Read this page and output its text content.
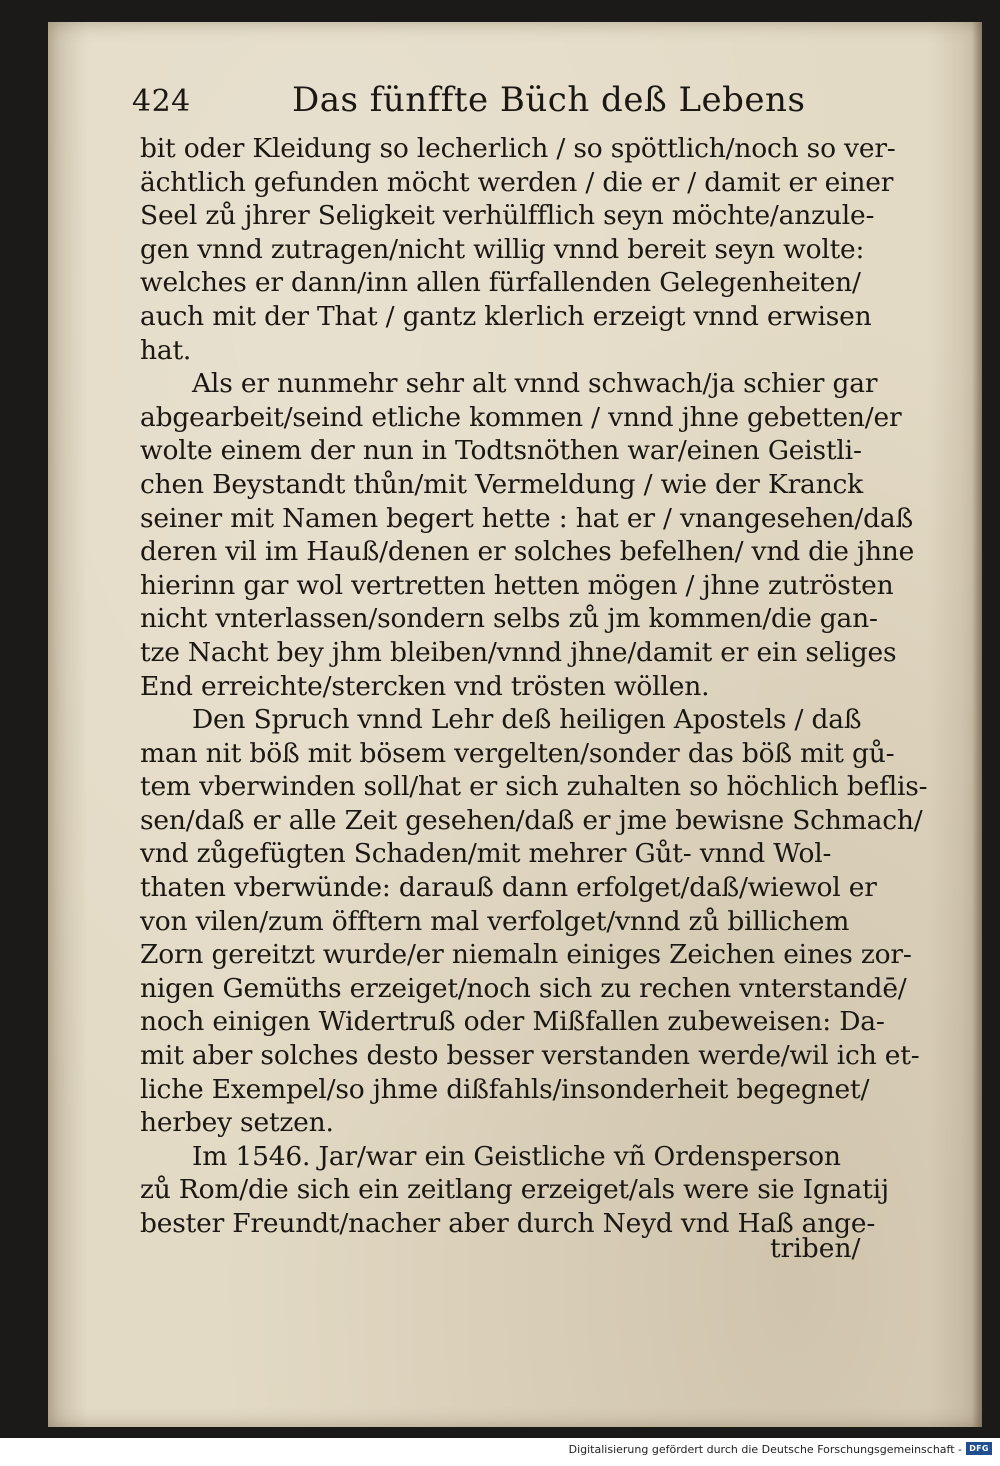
424	Das fünffte Büch deß Lebens
bit oder Kleidung so lecherlich / so spöttlich/noch so ver-
ächtlich gefunden möcht werden / die er / damit er einer
Seel zů jhrer Seligkeit verhülfflich seyn möchte/anzule-
gen vnnd zutragen/nicht willig vnnd bereit seyn wolte:
welches er dann/inn allen fürfallenden Gelegenheiten/
auch mit der That / gantz klerlich erzeigt vnnd erwisen
hat.
Als er nunmehr sehr alt vnnd schwach/ja schier gar
abgearbeit/seind etliche kommen / vnnd jhne gebetten/er
wolte einem der nun in Todtsnöthen war/einen Geistli-
chen Beystandt thůn/mit Vermeldung / wie der Kranck
seiner mit Namen begert hette : hat er / vnangesehen/daß
deren vil im Hauß/denen er solches befelhen/ vnd die jhne
hierinn gar wol vertretten hetten mögen / jhne zutrösten
nicht vnterlassen/sondern selbs zů jm kommen/die gan-
tze Nacht bey jhm bleiben/vnnd jhne/damit er ein seliges
End erreichte/stercken vnd trösten wöllen.
Den Spruch vnnd Lehr deß heiligen Apostels / daß
man nit böß mit bösem vergelten/sonder das böß mit gů-
tem vberwinden soll/hat er sich zuhalten so höchlich beflis-
sen/daß er alle Zeit gesehen/daß er jme bewisne Schmach/
vnd zůgefügten Schaden/mit mehrer Gůt- vnnd Wol-
thaten vberwünde: darauß dann erfolget/daß/wiewol er
von vilen/zum öfftern mal verfolget/vnnd zů billichem
Zorn gereitzt wurde/er niemaln einiges Zeichen eines zor-
nigen Gemüths erzeiget/noch sich zu rechen vnterstandē/
noch einigen Widertruß oder Mißfallen zubeweisen: Da-
mit aber solches desto besser verstanden werde/wil ich et-
liche Exempel/so jhme dißfahls/insonderheit begegnet/
herbey setzen.
Im 1546. Jar/war ein Geistliche vñ Ordensperson
zů Rom/die sich ein zeitlang erzeiget/als were sie Ignatij
bester Freundt/nacher aber durch Neyd vnd Haß ange-
triben/
Digitalisierung gefördert durch die Deutsche Forschungsgemeinschaft - DFG
